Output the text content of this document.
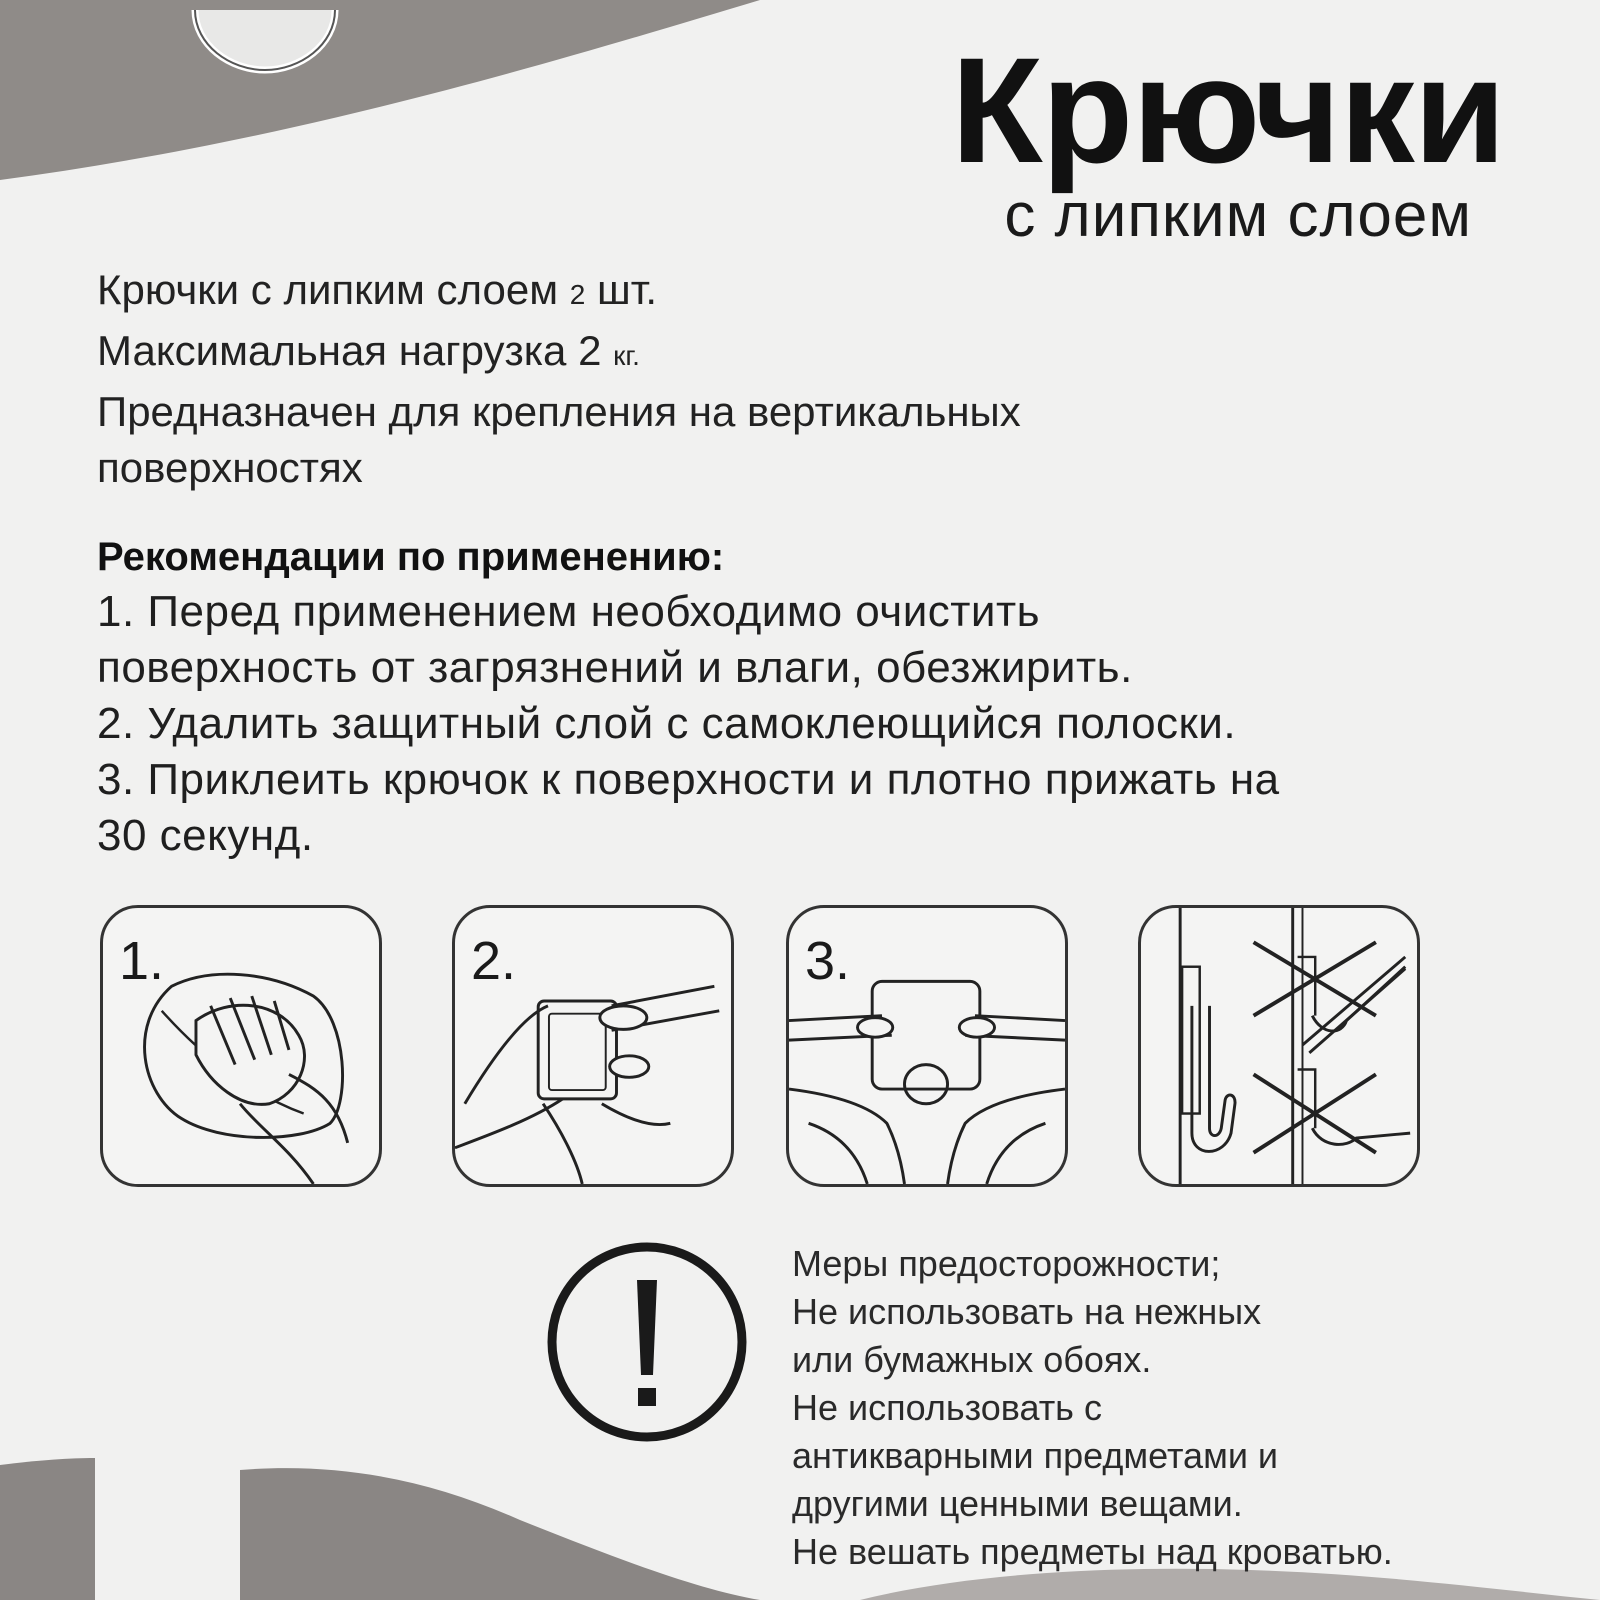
Крючки
с липким слоем
Крючки с липким слоем 2 шт.
Максимальная нагрузка 2 кг.
Предназначен для крепления на вертикальных
поверхностях
Рекомендации по применению:
1. Перед применением необходимо очистить
поверхность от загрязнений и влаги, обезжирить.
2. Удалить защитный слой с самоклеющийся полоски.
3. Приклеить крючок к поверхности и плотно прижать на
30 секунд.
1.	2.	3.
Меры предосторожности;
Не использовать на нежных
или бумажных обоях.
Не использовать с
антикварными предметами и
другими ценными вещами.
Не вешать предметы над кроватью.
